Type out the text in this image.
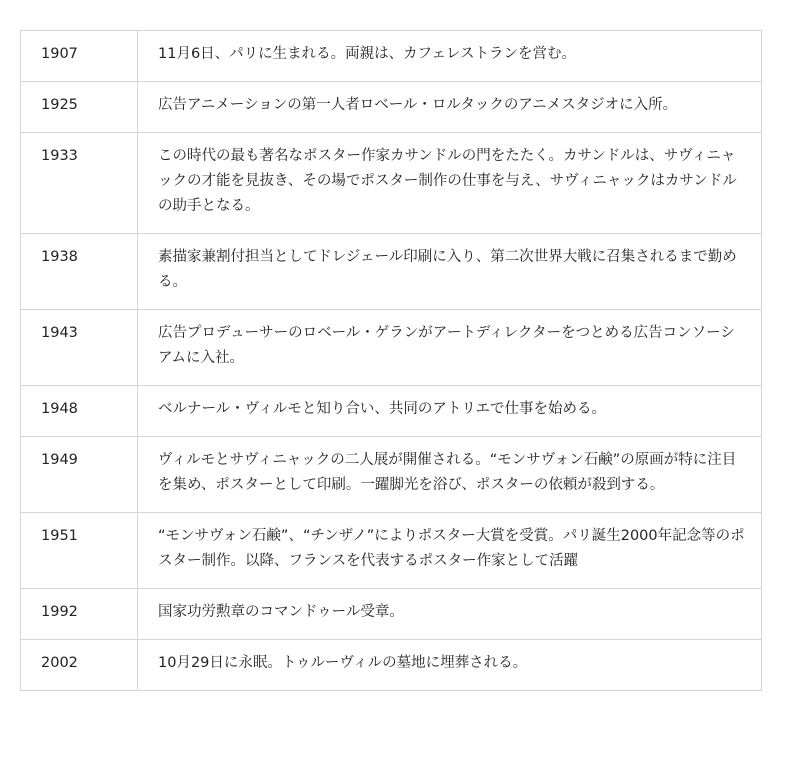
1907	11月6日、パリに生まれる。両親は、カフェレストランを営む。
1925	広告アニメーションの第一人者ロベール・ロルタックのアニメスタジオに入所。
1933	この時代の最も著名なポスター作家カサンドルの門をたたく。カサンドルは、サヴィニャックの才能を見抜き、その場でポスター制作の仕事を与え、サヴィニャックはカサンドルの助手となる。
1938	素描家兼割付担当としてドレジェール印刷に入り、第二次世界大戦に召集されるまで勤める。
1943	広告プロデューサーのロベール・ゲランがアートディレクターをつとめる広告コンソーシアムに入社。
1948	ベルナール・ヴィルモと知り合い、共同のアトリエで仕事を始める。
1949	ヴィルモとサヴィニャックの二人展が開催される。“モンサヴォン石鹸”の原画が特に注目を集め、ポスターとして印刷。一躍脚光を浴び、ポスターの依頼が殺到する。
1951	“モンサヴォン石鹸”、“チンザノ”によりポスター大賞を受賞。パリ誕生2000年記念等のポスター制作。以降、フランスを代表するポスター作家として活躍
1992	国家功労勲章のコマンドゥール受章。
2002	10月29日に永眠。トゥルーヴィルの墓地に埋葬される。
